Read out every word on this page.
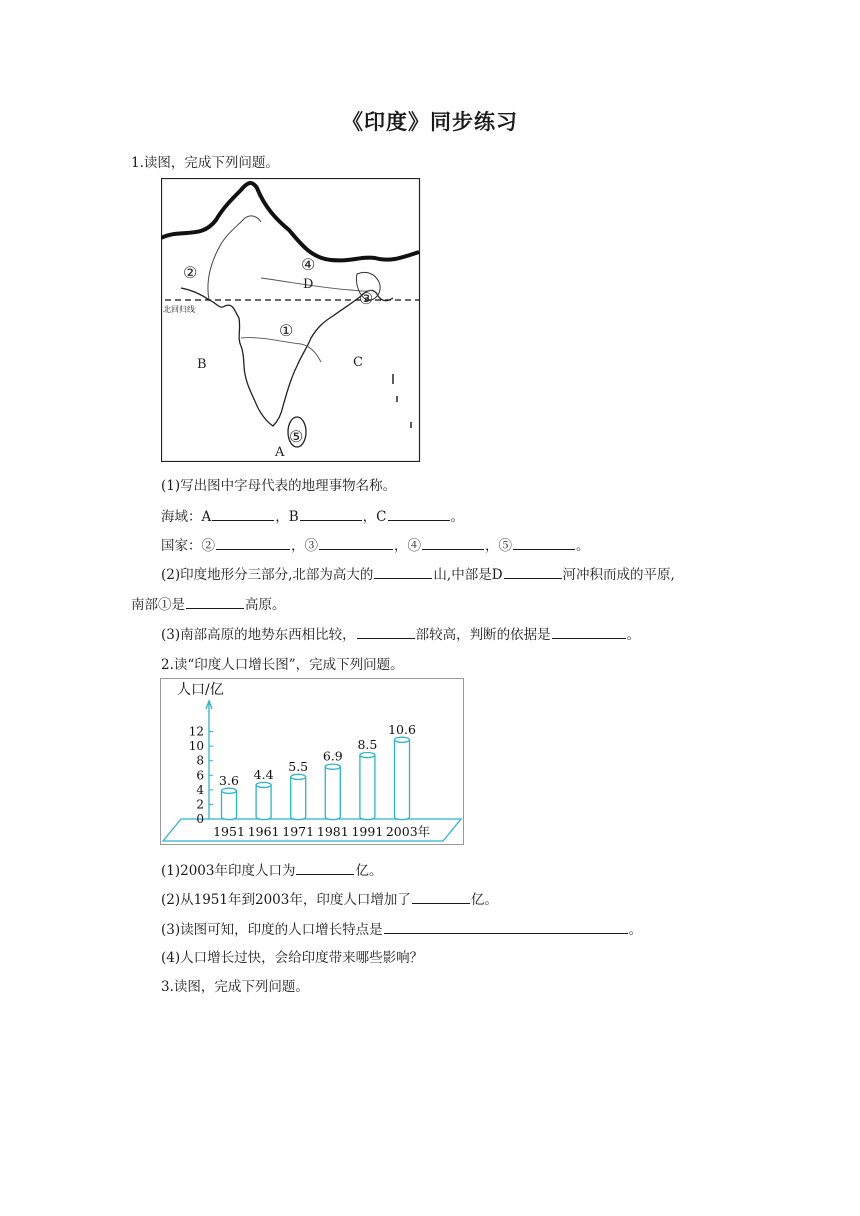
《印度》同步练习
1.读图，完成下列问题。
北回归线
①
②
③
④
⑤
A
B	C
D
(1)写出图中字母代表的地理事物名称。
海域：A	，B	，C	。
国家：②	，③	，④	，⑤	。
(2)印度地形分三部分,北部为高大的	山,中部是D	河冲积而成的平原,
南部①是	高原。
(3)南部高原的地势东西相比较，	部较高，判断的依据是	。
2.读“印度人口增长图”，完成下列问题。
人口/亿
0
2
4
6
8
10
12
3.6
1951
4.4
1961
5.5
1971
6.9
1981
8.5
1991
10.6
2003年
(1)2003年印度人口为	亿。
(2)从1951年到2003年，印度人口增加了	亿。
(3)读图可知，印度的人口增长特点是	。
(4)人口增长过快，会给印度带来哪些影响？
3.读图，完成下列问题。
